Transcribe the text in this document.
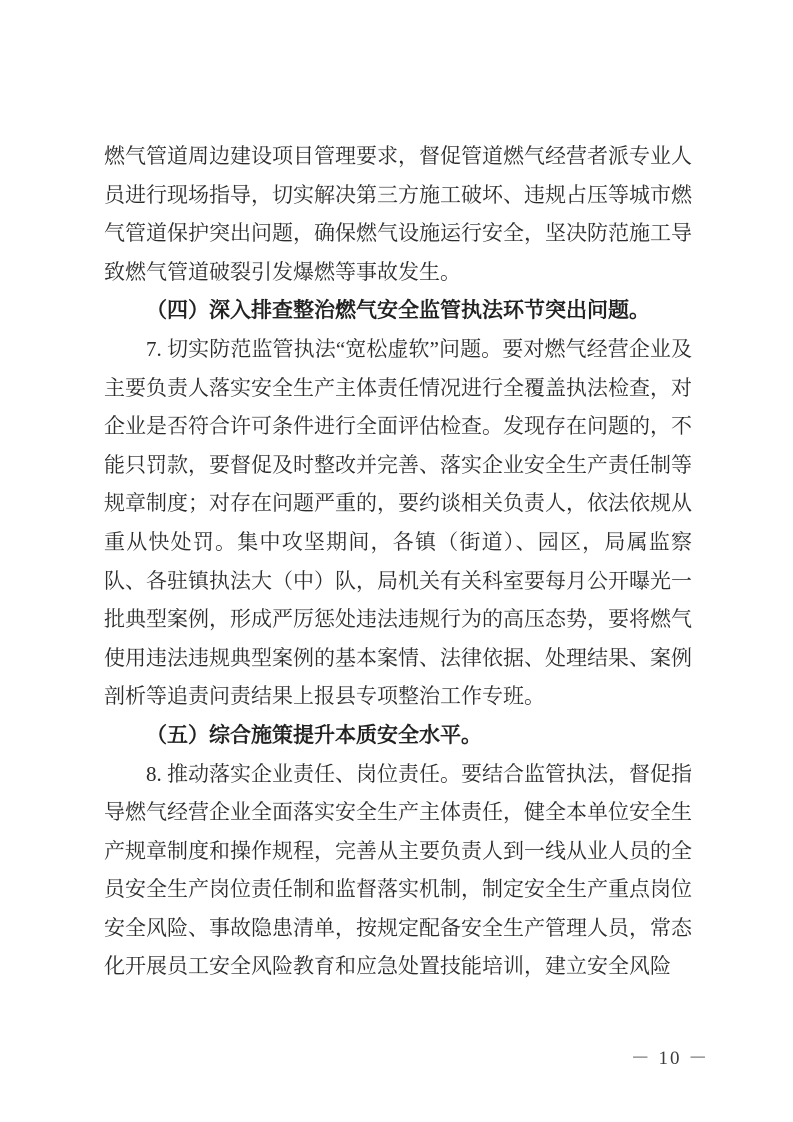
燃气管道周边建设项目管理要求，督促管道燃气经营者派专业人员进行现场指导，切实解决第三方施工破坏、违规占压等城市燃气管道保护突出问题，确保燃气设施运行安全，坚决防范施工导致燃气管道破裂引发爆燃等事故发生。

（四）深入排查整治燃气安全监管执法环节突出问题。

7. 切实防范监管执法“宽松虚软”问题。要对燃气经营企业及主要负责人落实安全生产主体责任情况进行全覆盖执法检查，对企业是否符合许可条件进行全面评估检查。发现存在问题的，不能只罚款，要督促及时整改并完善、落实企业安全生产责任制等规章制度；对存在问题严重的，要约谈相关负责人，依法依规从重从快处罚。集中攻坚期间，各镇（街道）、园区，局属监察队、各驻镇执法大（中）队，局机关有关科室要每月公开曝光一批典型案例，形成严厉惩处违法违规行为的高压态势，要将燃气使用违法违规典型案例的基本案情、法律依据、处理结果、案例剖析等追责问责结果上报县专项整治工作专班。

（五）综合施策提升本质安全水平。

8. 推动落实企业责任、岗位责任。要结合监管执法，督促指导燃气经营企业全面落实安全生产主体责任，健全本单位安全生产规章制度和操作规程，完善从主要负责人到一线从业人员的全员安全生产岗位责任制和监督落实机制，制定安全生产重点岗位安全风险、事故隐患清单，按规定配备安全生产管理人员，常态化开展员工安全风险教育和应急处置技能培训，建立安全风险

－ 10 －
